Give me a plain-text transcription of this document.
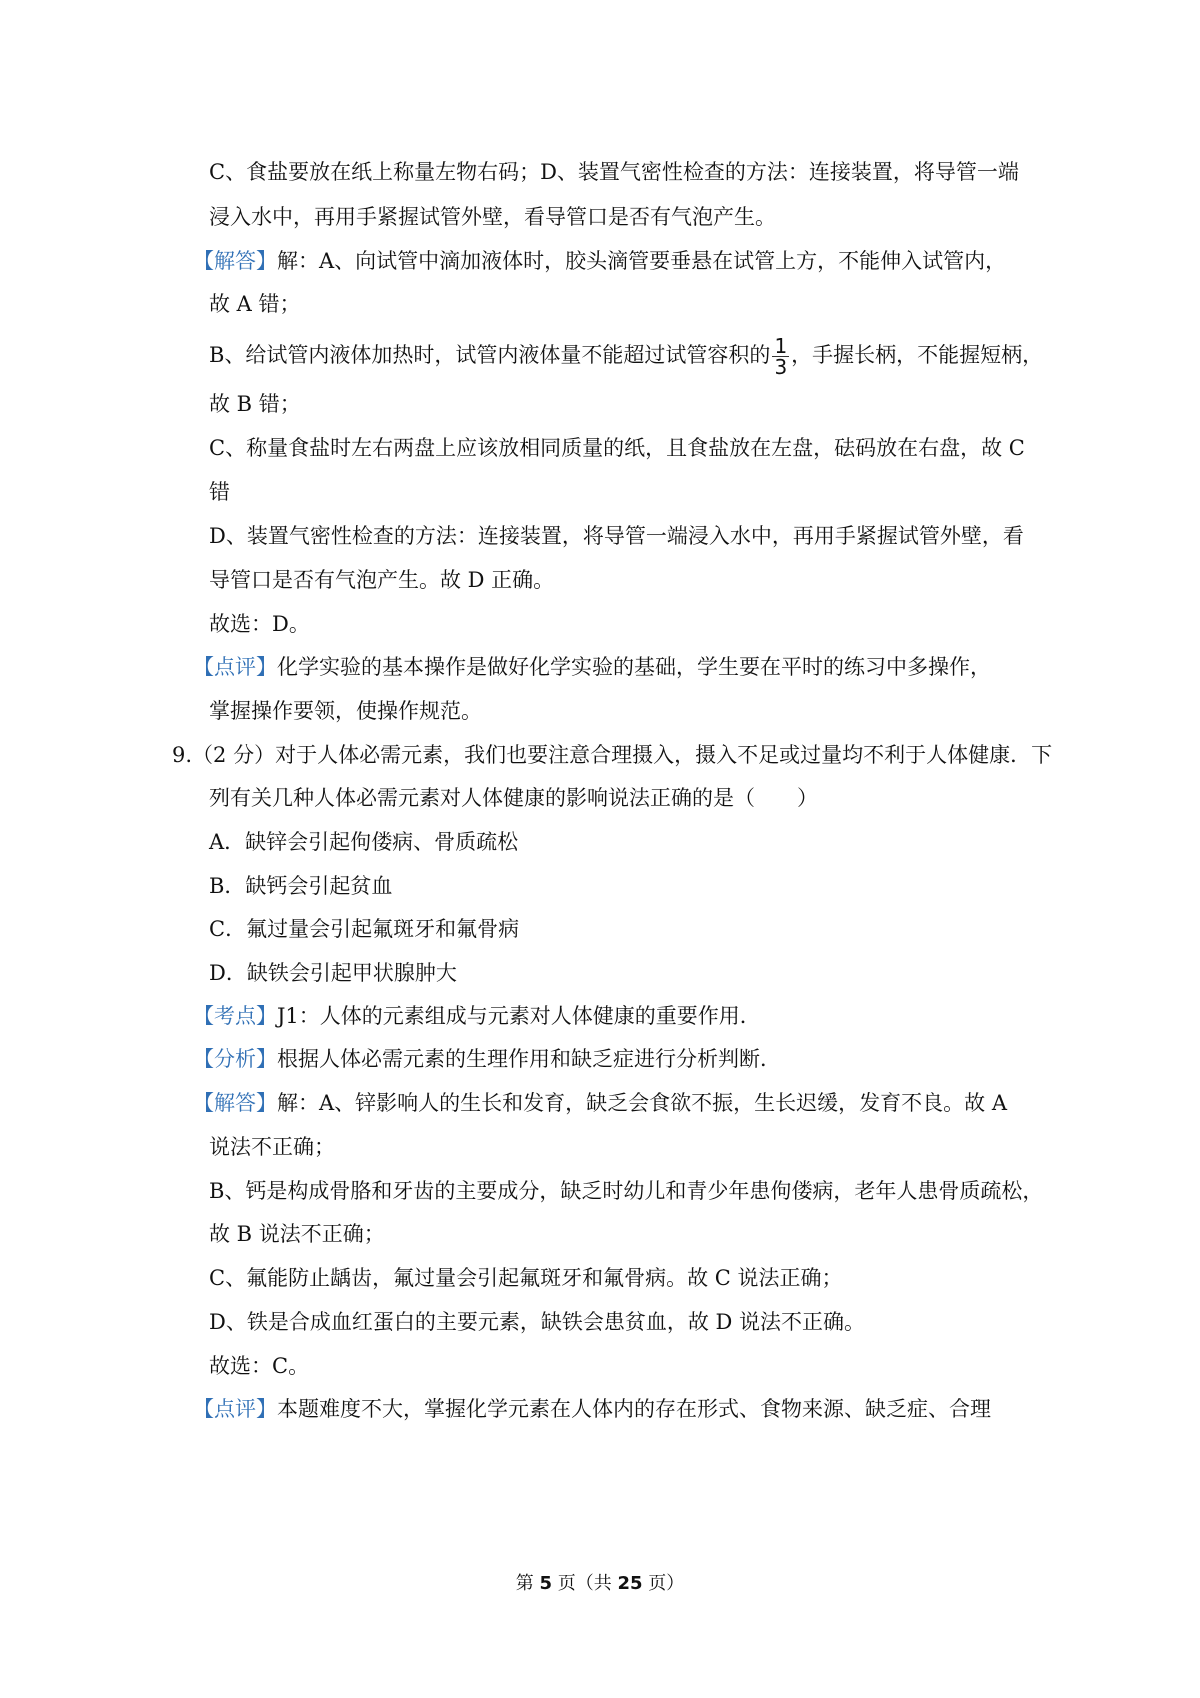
C、食盐要放在纸上称量左物右码；D、装置气密性检查的方法：连接装置，将导管一端
浸入水中，再用手紧握试管外壁，看导管口是否有气泡产生。
【解答】解：A、向试管中滴加液体时，胶头滴管要垂悬在试管上方，不能伸入试管内，
故 A 错；
B、给试管内液体加热时，试管内液体量不能超过试管容积的 $\frac{1}{3}$ ，手握长柄，不能握短柄，
故 B 错；
C、称量食盐时左右两盘上应该放相同质量的纸，且食盐放在左盘，砝码放在右盘，故 C
错
D、装置气密性检查的方法：连接装置，将导管一端浸入水中，再用手紧握试管外壁，看
导管口是否有气泡产生。故 D 正确。
故选：D。
【点评】化学实验的基本操作是做好化学实验的基础，学生要在平时的练习中多操作，
掌握操作要领，使操作规范。
9.（2 分）对于人体必需元素，我们也要注意合理摄入，摄入不足或过量均不利于人体健康．下
列有关几种人体必需元素对人体健康的影响说法正确的是（　　）
A．缺锌会引起佝偻病、骨质疏松
B．缺钙会引起贫血
C．氟过量会引起氟斑牙和氟骨病
D．缺铁会引起甲状腺肿大
【考点】J1：人体的元素组成与元素对人体健康的重要作用．
【分析】根据人体必需元素的生理作用和缺乏症进行分析判断．
【解答】解：A、锌影响人的生长和发育，缺乏会食欲不振，生长迟缓，发育不良。故 A
说法不正确；
B、钙是构成骨胳和牙齿的主要成分，缺乏时幼儿和青少年患佝偻病，老年人患骨质疏松，
故 B 说法不正确；
C、氟能防止龋齿，氟过量会引起氟斑牙和氟骨病。故 C 说法正确；
D、铁是合成血红蛋白的主要元素，缺铁会患贫血，故 D 说法不正确。
故选：C。
【点评】本题难度不大，掌握化学元素在人体内的存在形式、食物来源、缺乏症、合理
第 5 页（共 25 页）
